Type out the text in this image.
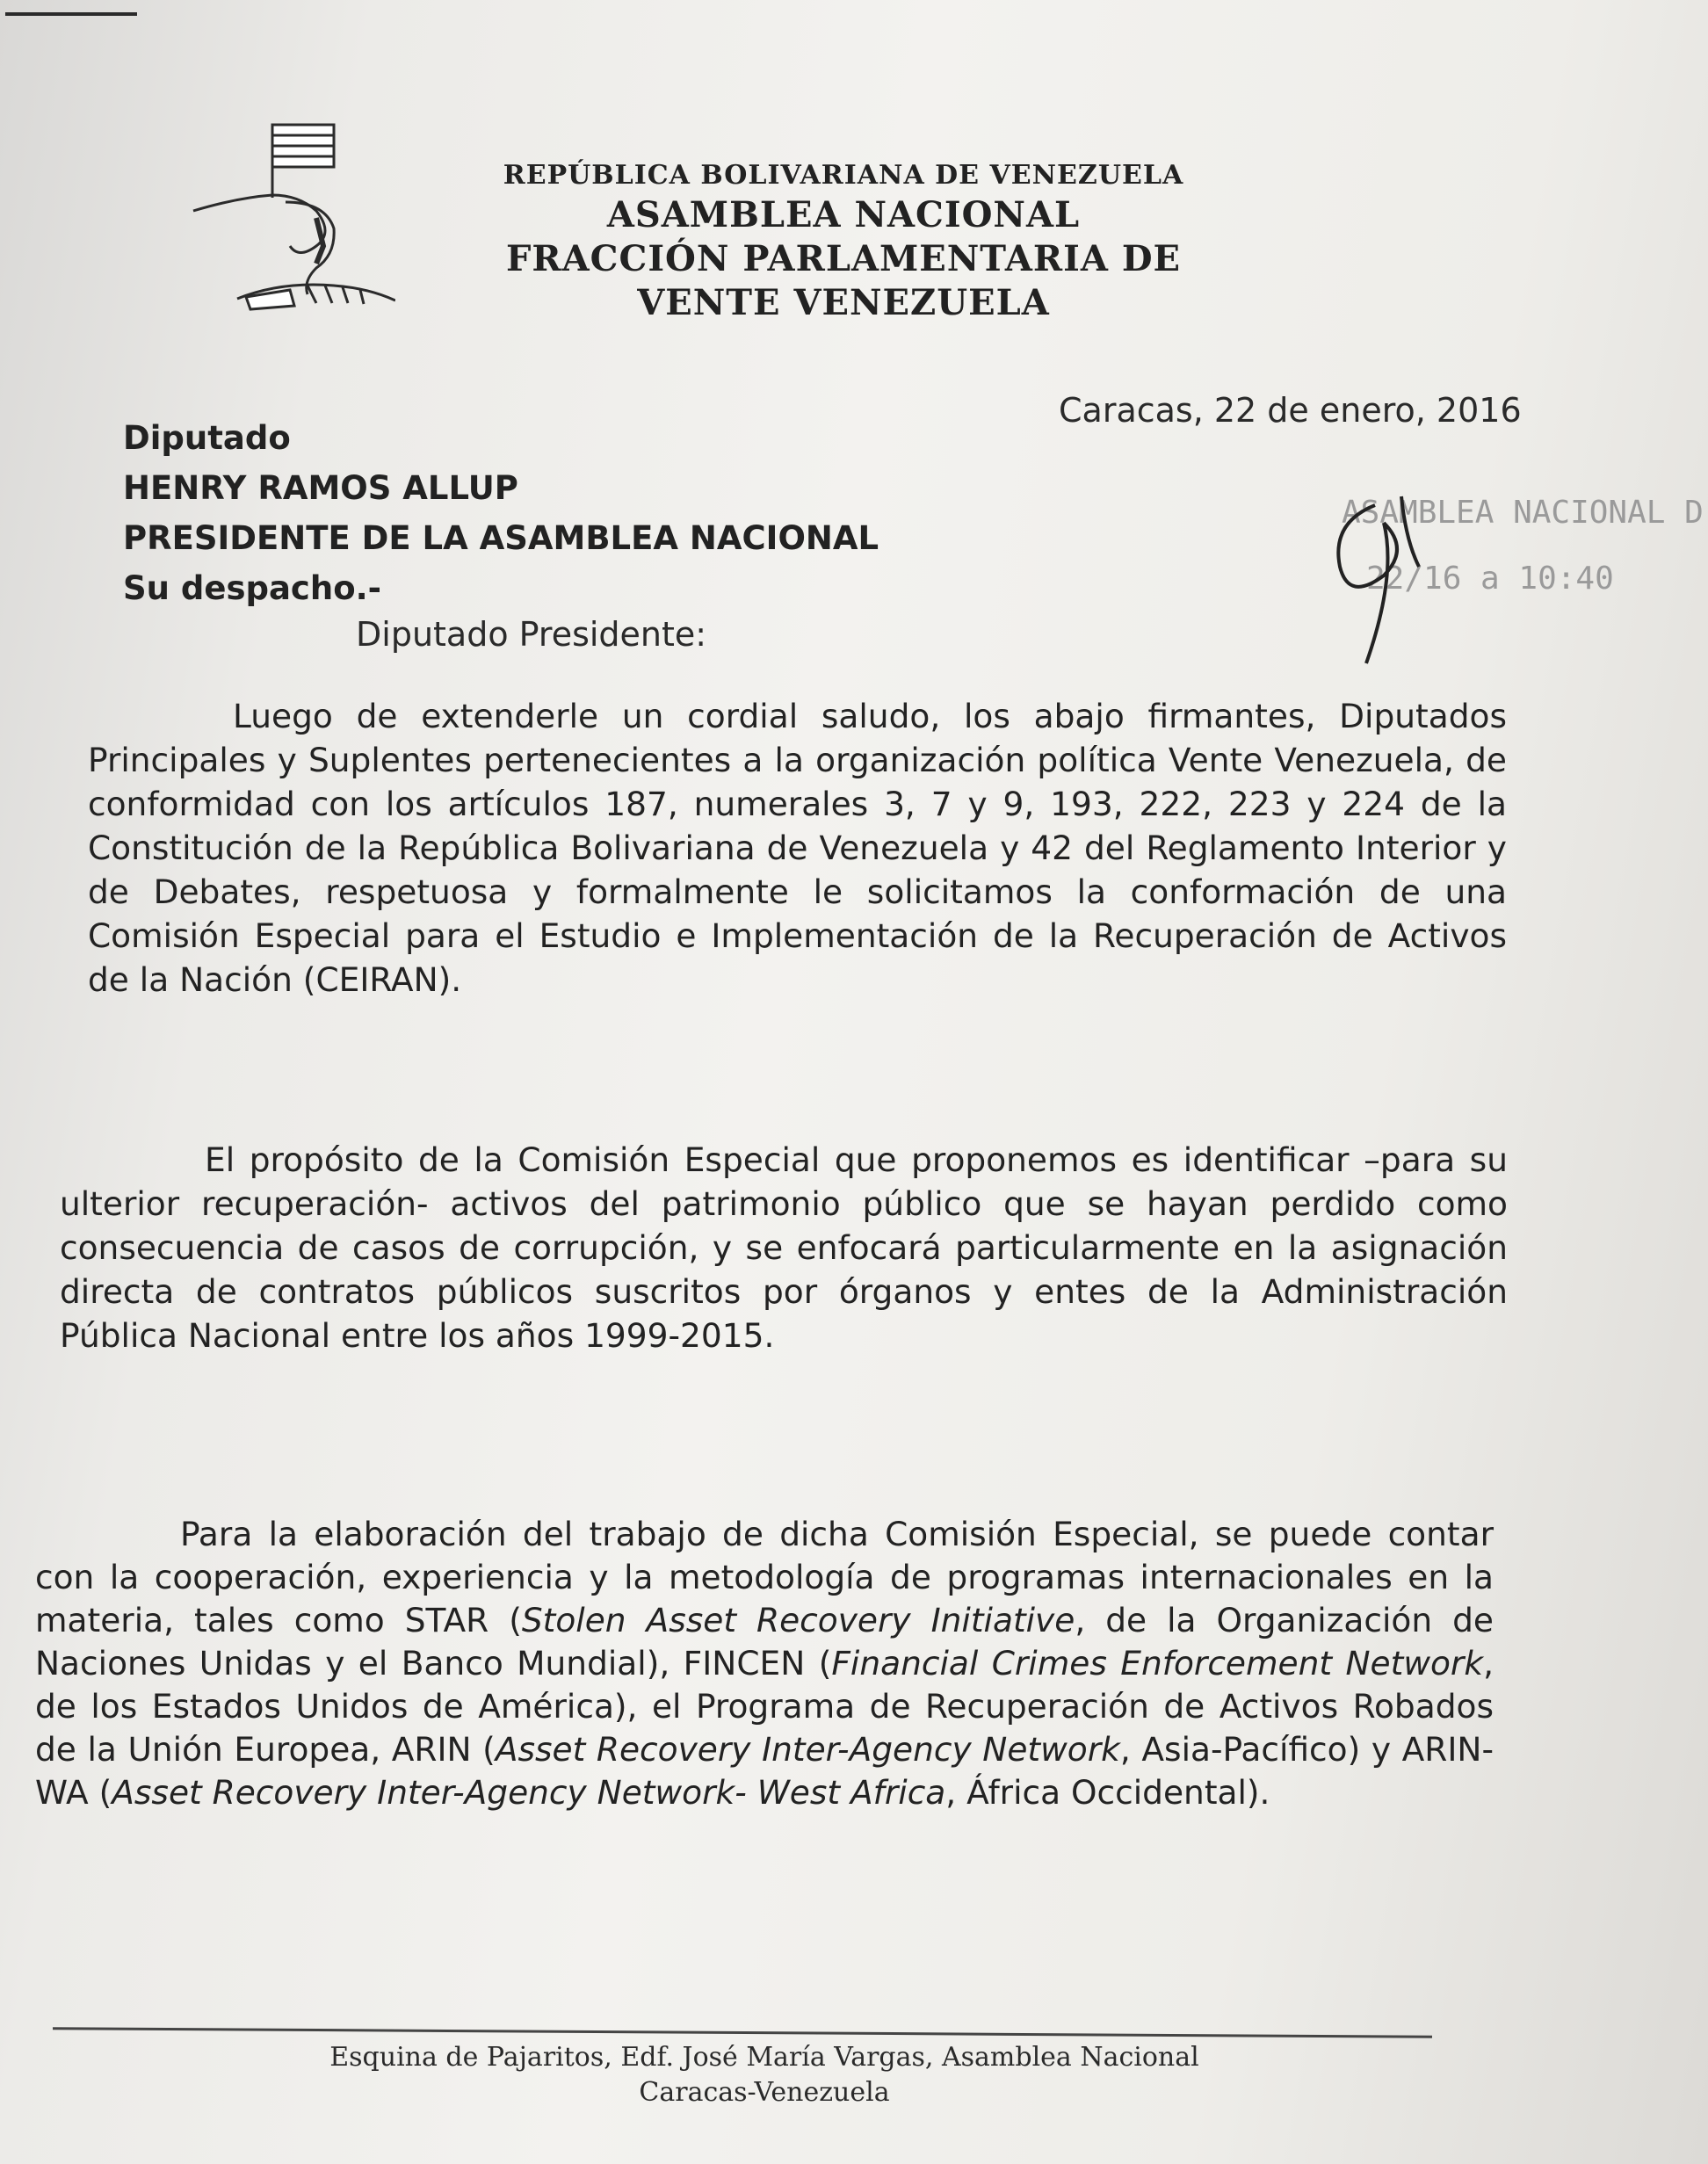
REPÚBLICA BOLIVARIANA DE VENEZUELA
ASAMBLEA NACIONAL
FRACCIÓN PARLAMENTARIA DE
VENTE VENEZUELA
Caracas, 22 de enero, 2016
Diputado
HENRY RAMOS ALLUP
PRESIDENTE DE LA ASAMBLEA NACIONAL
Su despacho.-
ASAMBLEA NACIONAL D
22/16 a 10:40
Diputado Presidente:
Luego de extenderle un cordial saludo, los abajo firmantes, Diputados Principales y Suplentes pertenecientes a la organización política Vente Venezuela, de conformidad con los artículos 187, numerales 3, 7 y 9, 193, 222, 223 y 224 de la Constitución de la República Bolivariana de Venezuela y 42 del Reglamento Interior y de Debates, respetuosa y formalmente le solicitamos la conformación de una Comisión Especial para el Estudio e Implementación de la Recuperación de Activos de la Nación (CEIRAN).
El propósito de la Comisión Especial que proponemos es identificar –para su ulterior recuperación- activos del patrimonio público que se hayan perdido como consecuencia de casos de corrupción, y se enfocará particularmente en la asignación directa de contratos públicos suscritos por órganos y entes de la Administración Pública Nacional entre los años 1999-2015.
Para la elaboración del trabajo de dicha Comisión Especial, se puede contar con la cooperación, experiencia y la metodología de programas internacionales en la materia, tales como STAR (Stolen Asset Recovery Initiative, de la Organización de Naciones Unidas y el Banco Mundial), FINCEN (Financial Crimes Enforcement Network, de los Estados Unidos de América), el Programa de Recuperación de Activos Robados de la Unión Europea, ARIN (Asset Recovery Inter-Agency Network, Asia-Pacífico) y ARIN-WA (Asset Recovery Inter-Agency Network- West Africa, África Occidental).
Esquina de Pajaritos, Edf. José María Vargas, Asamblea Nacional
Caracas-Venezuela
